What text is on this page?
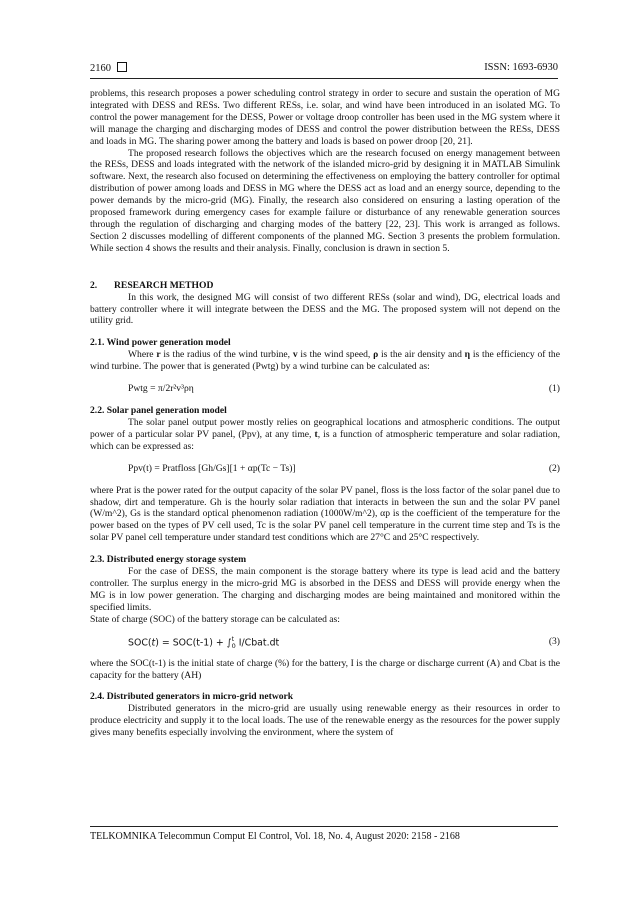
2160	ISSN: 1693-6930

problems, this research proposes a power scheduling control strategy in order to secure and sustain the operation of MG integrated with DESS and RESs. Two different RESs, i.e. solar, and wind have been introduced in an isolated MG. To control the power management for the DESS, Power or voltage droop controller has been used in the MG system where it will manage the charging and discharging modes of DESS and control the power distribution between the RESs, DESS and loads in MG. The sharing power among the battery and loads is based on power droop [20, 21].

The proposed research follows the objectives which are the research focused on energy management between the RESs, DESS and loads integrated with the network of the islanded micro-grid by designing it in MATLAB Simulink software. Next, the research also focused on determining the effectiveness on employing the battery controller for optimal distribution of power among loads and DESS in MG where the DESS act as load and an energy source, depending to the power demands by the micro-grid (MG). Finally, the research also considered on ensuring a lasting operation of the proposed framework during emergency cases for example failure or disturbance of any renewable generation sources through the regulation of discharging and charging modes of the battery [22, 23]. This work is arranged as follows. Section 2 discusses modelling of different components of the planned MG. Section 3 presents the problem formulation. While section 4 shows the results and their analysis. Finally, conclusion is drawn in section 5.

2. RESEARCH METHOD

In this work, the designed MG will consist of two different RESs (solar and wind), DG, electrical loads and battery controller where it will integrate between the DESS and the MG. The proposed system will not depend on the utility grid.

2.1. Wind power generation model

Where r is the radius of the wind turbine, v is the wind speed, ρ is the air density and η is the efficiency of the wind turbine. The power that is generated (Pwtg) by a wind turbine can be calculated as:

Pwtg = π/2r²v³ρη	(1)

2.2. Solar panel generation model

The solar panel output power mostly relies on geographical locations and atmospheric conditions. The output power of a particular solar PV panel, (Ppv), at any time, t, is a function of atmospheric temperature and solar radiation, which can be expressed as:

Ppv(t) = Pratfloss [Gh/Gs][1 + αp(Tc − Ts)]	(2)

where Prat is the power rated for the output capacity of the solar PV panel, floss is the loss factor of the solar panel due to shadow, dirt and temperature. Gh is the hourly solar radiation that interacts in between the sun and the solar PV panel (W/m^2), Gs is the standard optical phenomenon radiation (1000W/m^2), αp is the coefficient of the temperature for the power based on the types of PV cell used, Tc is the solar PV panel cell temperature in the current time step and Ts is the solar PV panel cell temperature under standard test conditions which are 27°C and 25°C respectively.

2.3. Distributed energy storage system

For the case of DESS, the main component is the storage battery where its type is lead acid and the battery controller. The surplus energy in the micro-grid MG is absorbed in the DESS and DESS will provide energy when the MG is in low power generation. The charging and discharging modes are being maintained and monitored within the specified limits.

State of charge (SOC) of the battery storage can be calculated as:

SOC(t) = SOC(t-1) + ∫ t
0 I/Cbat.dt	(3)

where the SOC(t-1) is the initial state of charge (%) for the battery, I is the charge or discharge current (A) and Cbat is the capacity for the battery (AH)

2.4. Distributed generators in micro-grid network

Distributed generators in the micro-grid are usually using renewable energy as their resources in order to produce electricity and supply it to the local loads. The use of the renewable energy as the resources for the power supply gives many benefits especially involving the environment, where the system of

TELKOMNIKA Telecommun Comput El Control, Vol. 18, No. 4, August 2020: 2158 - 2168
